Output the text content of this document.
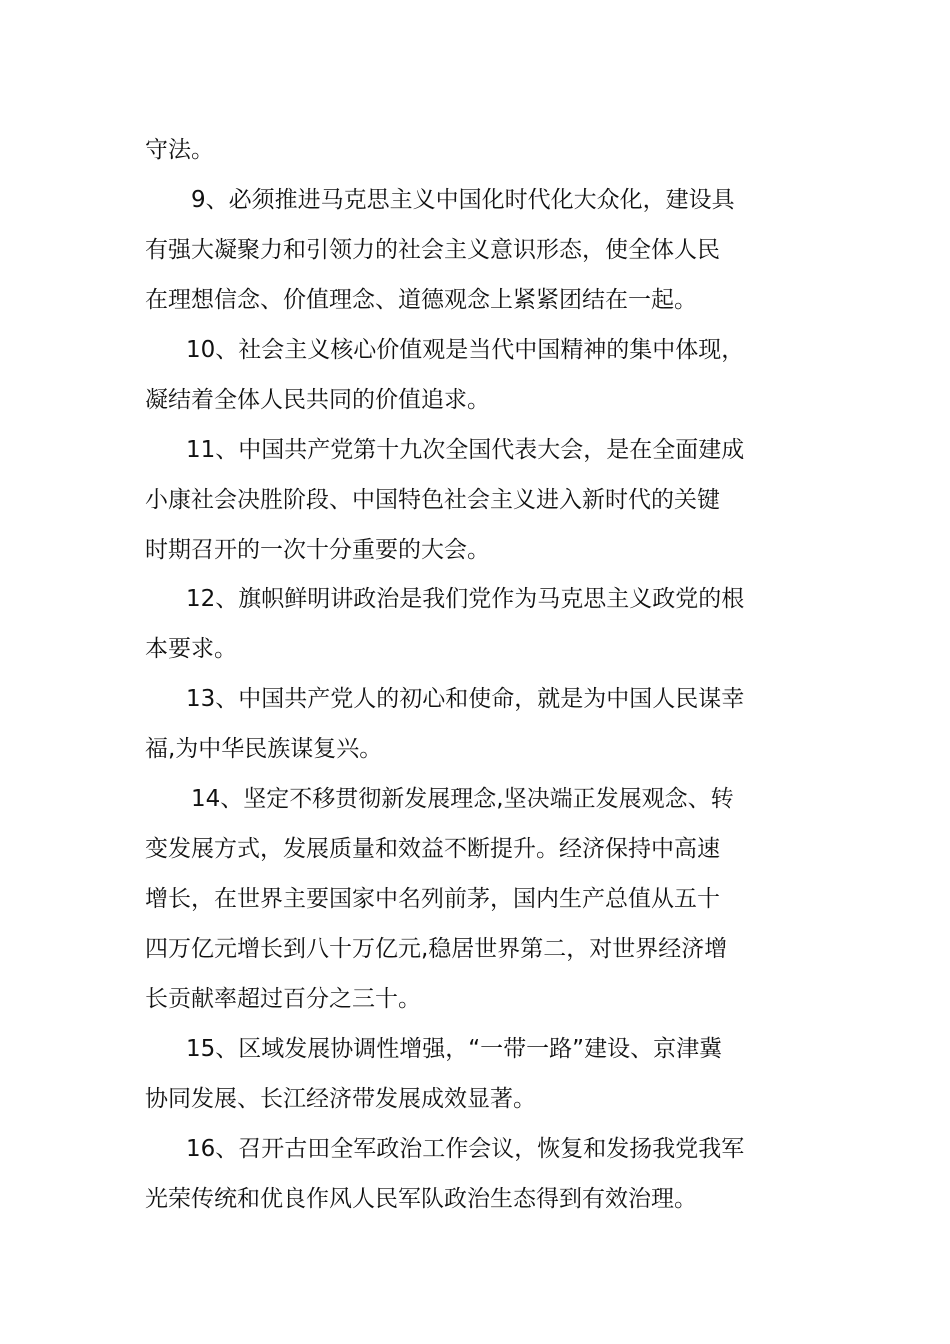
守法。
9、必须推进马克思主义中国化时代化大众化，建设具
有强大凝聚力和引领力的社会主义意识形态，使全体人民
在理想信念、价值理念、道德观念上紧紧团结在一起。
10、社会主义核心价值观是当代中国精神的集中体现，
凝结着全体人民共同的价值追求。
11、中国共产党第十九次全国代表大会，是在全面建成
小康社会决胜阶段、中国特色社会主义进入新时代的关键
时期召开的一次十分重要的大会。
12、旗帜鲜明讲政治是我们党作为马克思主义政党的根
本要求。
13、中国共产党人的初心和使命，就是为中国人民谋幸
福,为中华民族谋复兴。
14、坚定不移贯彻新发展理念,坚决端正发展观念、转
变发展方式，发展质量和效益不断提升。经济保持中高速
增长，在世界主要国家中名列前茅，国内生产总值从五十
四万亿元增长到八十万亿元,稳居世界第二，对世界经济增
长贡献率超过百分之三十。
15、区域发展协调性增强，“一带一路”建设、京津冀
协同发展、长江经济带发展成效显著。
16、召开古田全军政治工作会议，恢复和发扬我党我军
光荣传统和优良作风人民军队政治生态得到有效治理。
